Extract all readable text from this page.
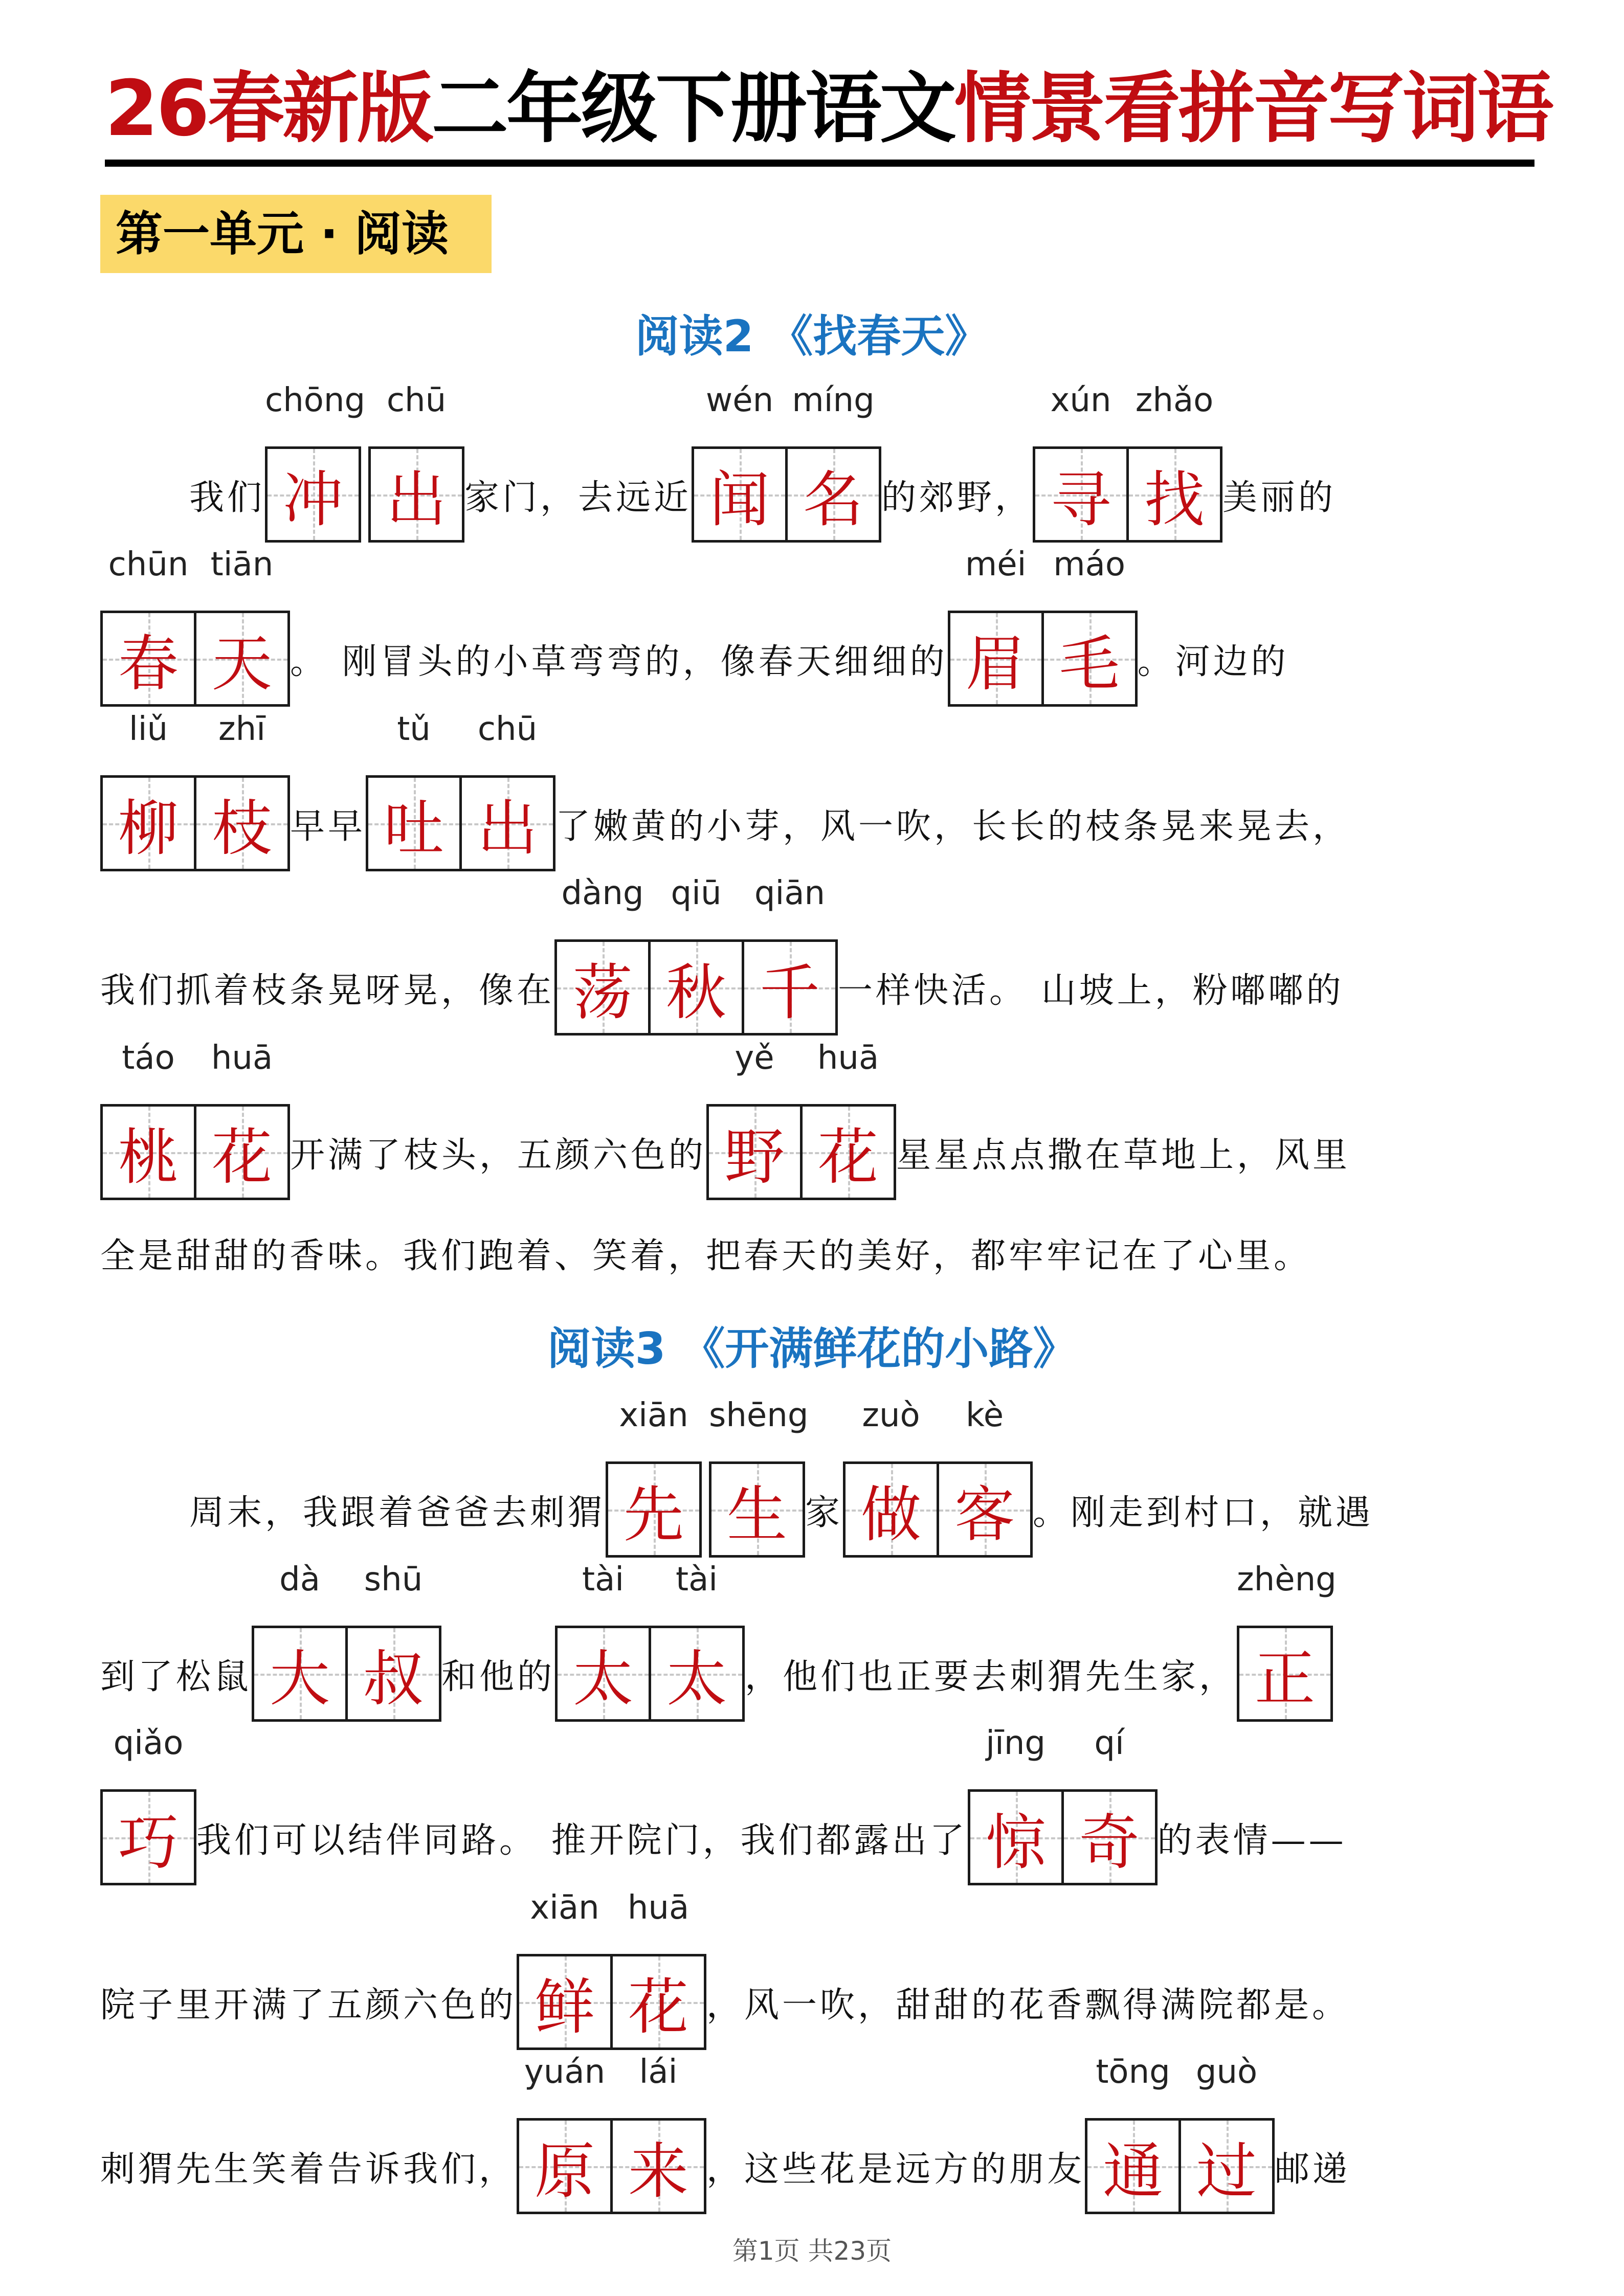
26春新版二年级下册语文情景看拼音写词语
第一单元 · 阅读
阅读2 《找春天》
我们
chōng
冲
chū
出 家门，去远近
wén
闻
míng
名 的郊野，
xún
寻
zhǎo
找 美丽的
chūn
春
tiān
天 。 刚冒头的小草弯弯的，像春天细细的
méi
眉
máo
毛 。河边的
liǔ
柳
zhī
枝 早早
tǔ
吐
chū
出 了嫩黄的小芽，风一吹，长长的枝条晃来晃去，
我们抓着枝条晃呀晃，像在
dàng
荡
qiū
秋
qiān
千 一样快活。 山坡上，粉嘟嘟的
táo
桃
huā
花 开满了枝头，五颜六色的
yě
野
huā
花 星星点点撒在草地上，风里
全是甜甜的香味。我们跑着、笑着，把春天的美好，都牢牢记在了心里。
阅读3 《开满鲜花的小路》
周末，我跟着爸爸去刺猬
xiān
先
shēng
生 家
zuò
做
kè
客 。刚走到村口，就遇
到了松鼠
dà
大
shū
叔 和他的
tài
太
tài
太 ，他们也正要去刺猬先生家，
zhèng
正
qiǎo
巧 我们可以结伴同路。 推开院门，我们都露出了
jīng
惊
qí
奇 的表情——
院子里开满了五颜六色的
xiān
鲜
huā
花 ，风一吹，甜甜的花香飘得满院都是。
刺猬先生笑着告诉我们，
yuán
原
lái
来 ，这些花是远方的朋友
tōng
通
guò
过 邮递
第1页 共23页
